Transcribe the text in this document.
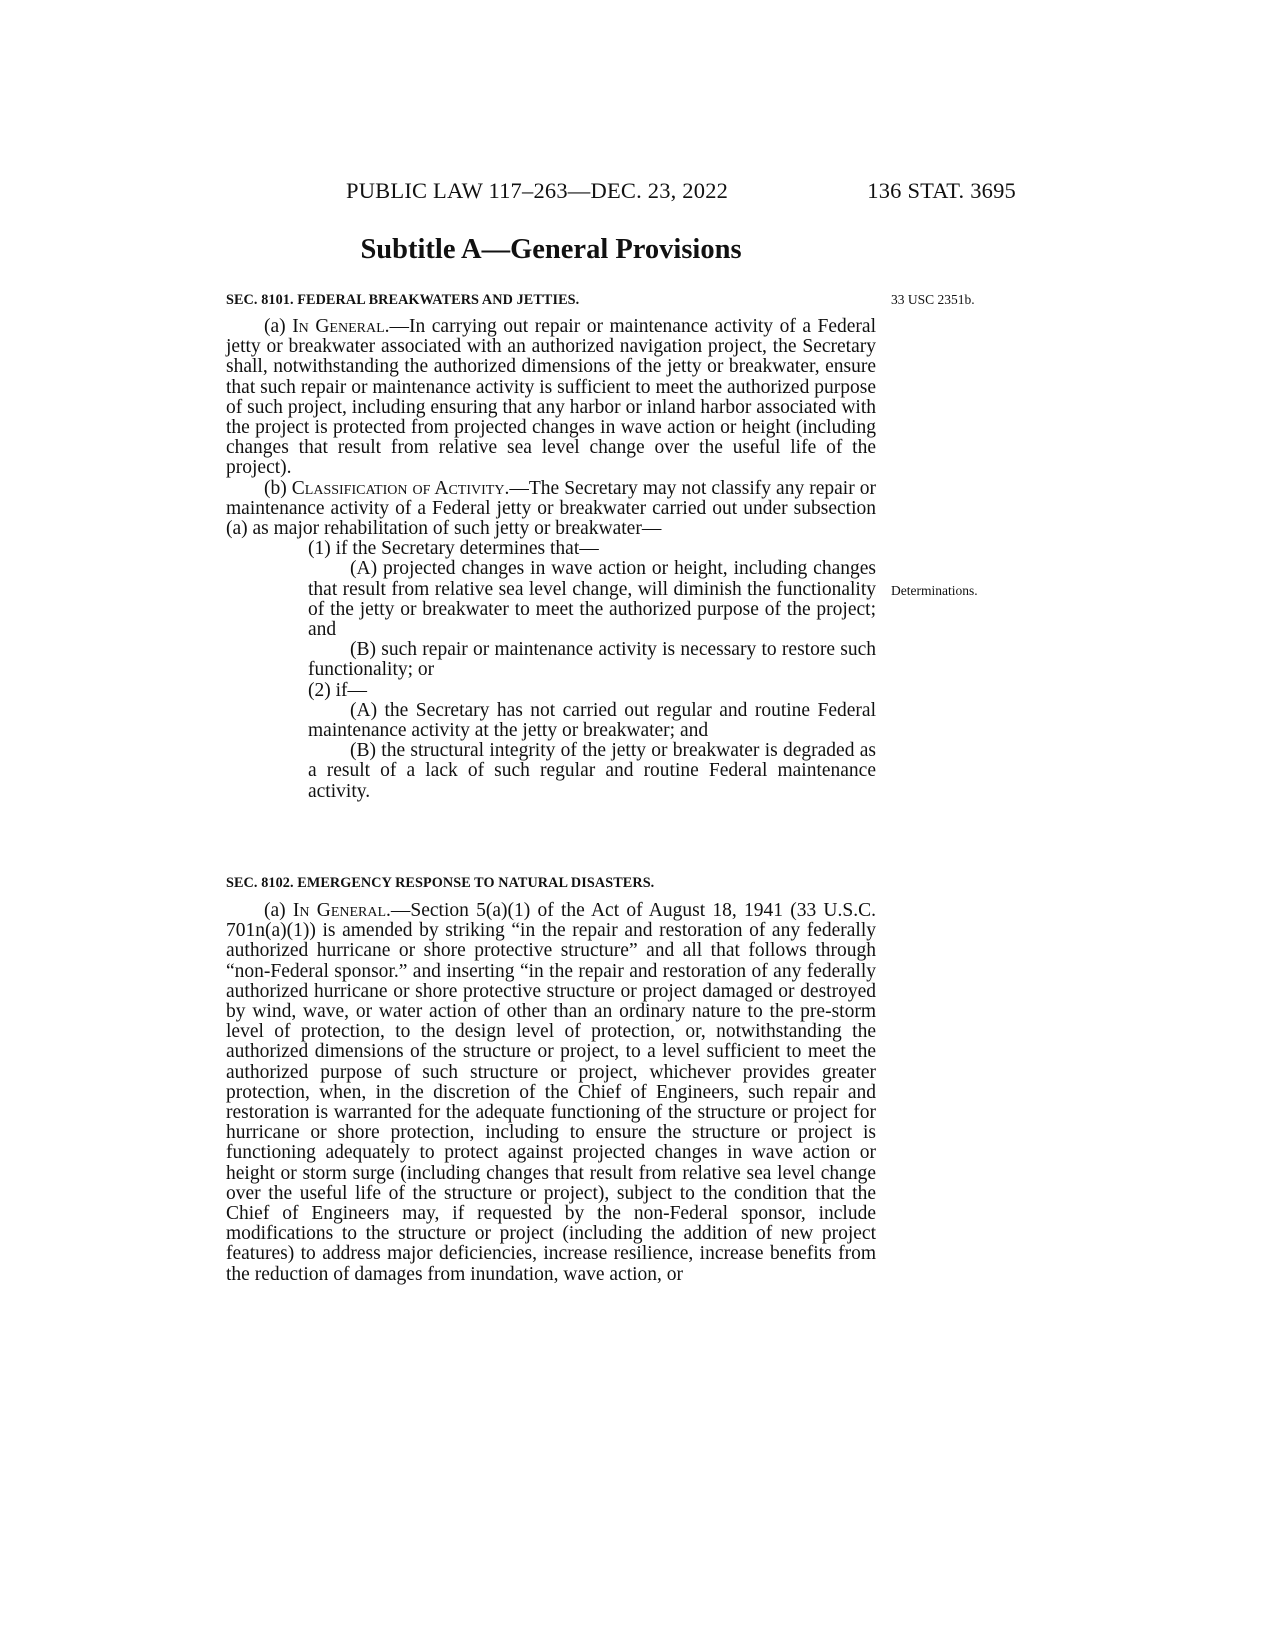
PUBLIC LAW 117–263—DEC. 23, 2022	136 STAT. 3695
Subtitle A—General Provisions
SEC. 8101. FEDERAL BREAKWATERS AND JETTIES.	33 USC 2351b.

(a) In General.—In carrying out repair or maintenance activity of a Federal jetty or breakwater associated with an authorized navigation project, the Secretary shall, notwithstanding the authorized dimensions of the jetty or breakwater, ensure that such repair or maintenance activity is sufficient to meet the authorized purpose of such project, including ensuring that any harbor or inland harbor associated with the project is protected from projected changes in wave action or height (including changes that result from relative sea level change over the useful life of the project).

(b) Classification of Activity.—The Secretary may not classify any repair or maintenance activity of a Federal jetty or breakwater carried out under subsection (a) as major rehabilitation of such jetty or breakwater—

(1) if the Secretary determines that—

(A) projected changes in wave action or height, including changes that result from relative sea level change, will diminish the functionality of the jetty or breakwater to meet the authorized purpose of the project; and

(B) such repair or maintenance activity is necessary to restore such functionality; or

(2) if—

(A) the Secretary has not carried out regular and routine Federal maintenance activity at the jetty or breakwater; and

(B) the structural integrity of the jetty or breakwater is degraded as a result of a lack of such regular and routine Federal maintenance activity.

Determinations.
SEC. 8102. EMERGENCY RESPONSE TO NATURAL DISASTERS.

(a) In General.—Section 5(a)(1) of the Act of August 18, 1941 (33 U.S.C. 701n(a)(1)) is amended by striking “in the repair and restoration of any federally authorized hurricane or shore protective structure” and all that follows through “non-Federal sponsor.” and inserting “in the repair and restoration of any federally authorized hurricane or shore protective structure or project damaged or destroyed by wind, wave, or water action of other than an ordinary nature to the pre-storm level of protection, to the design level of protection, or, notwithstanding the authorized dimensions of the structure or project, to a level sufficient to meet the authorized purpose of such structure or project, whichever provides greater protection, when, in the discretion of the Chief of Engineers, such repair and restoration is warranted for the adequate functioning of the structure or project for hurricane or shore protection, including to ensure the structure or project is functioning adequately to protect against projected changes in wave action or height or storm surge (including changes that result from relative sea level change over the useful life of the structure or project), subject to the condition that the Chief of Engineers may, if requested by the non-Federal sponsor, include modifications to the structure or project (including the addition of new project features) to address major deficiencies, increase resilience, increase benefits from the reduction of damages from inundation, wave action, or
